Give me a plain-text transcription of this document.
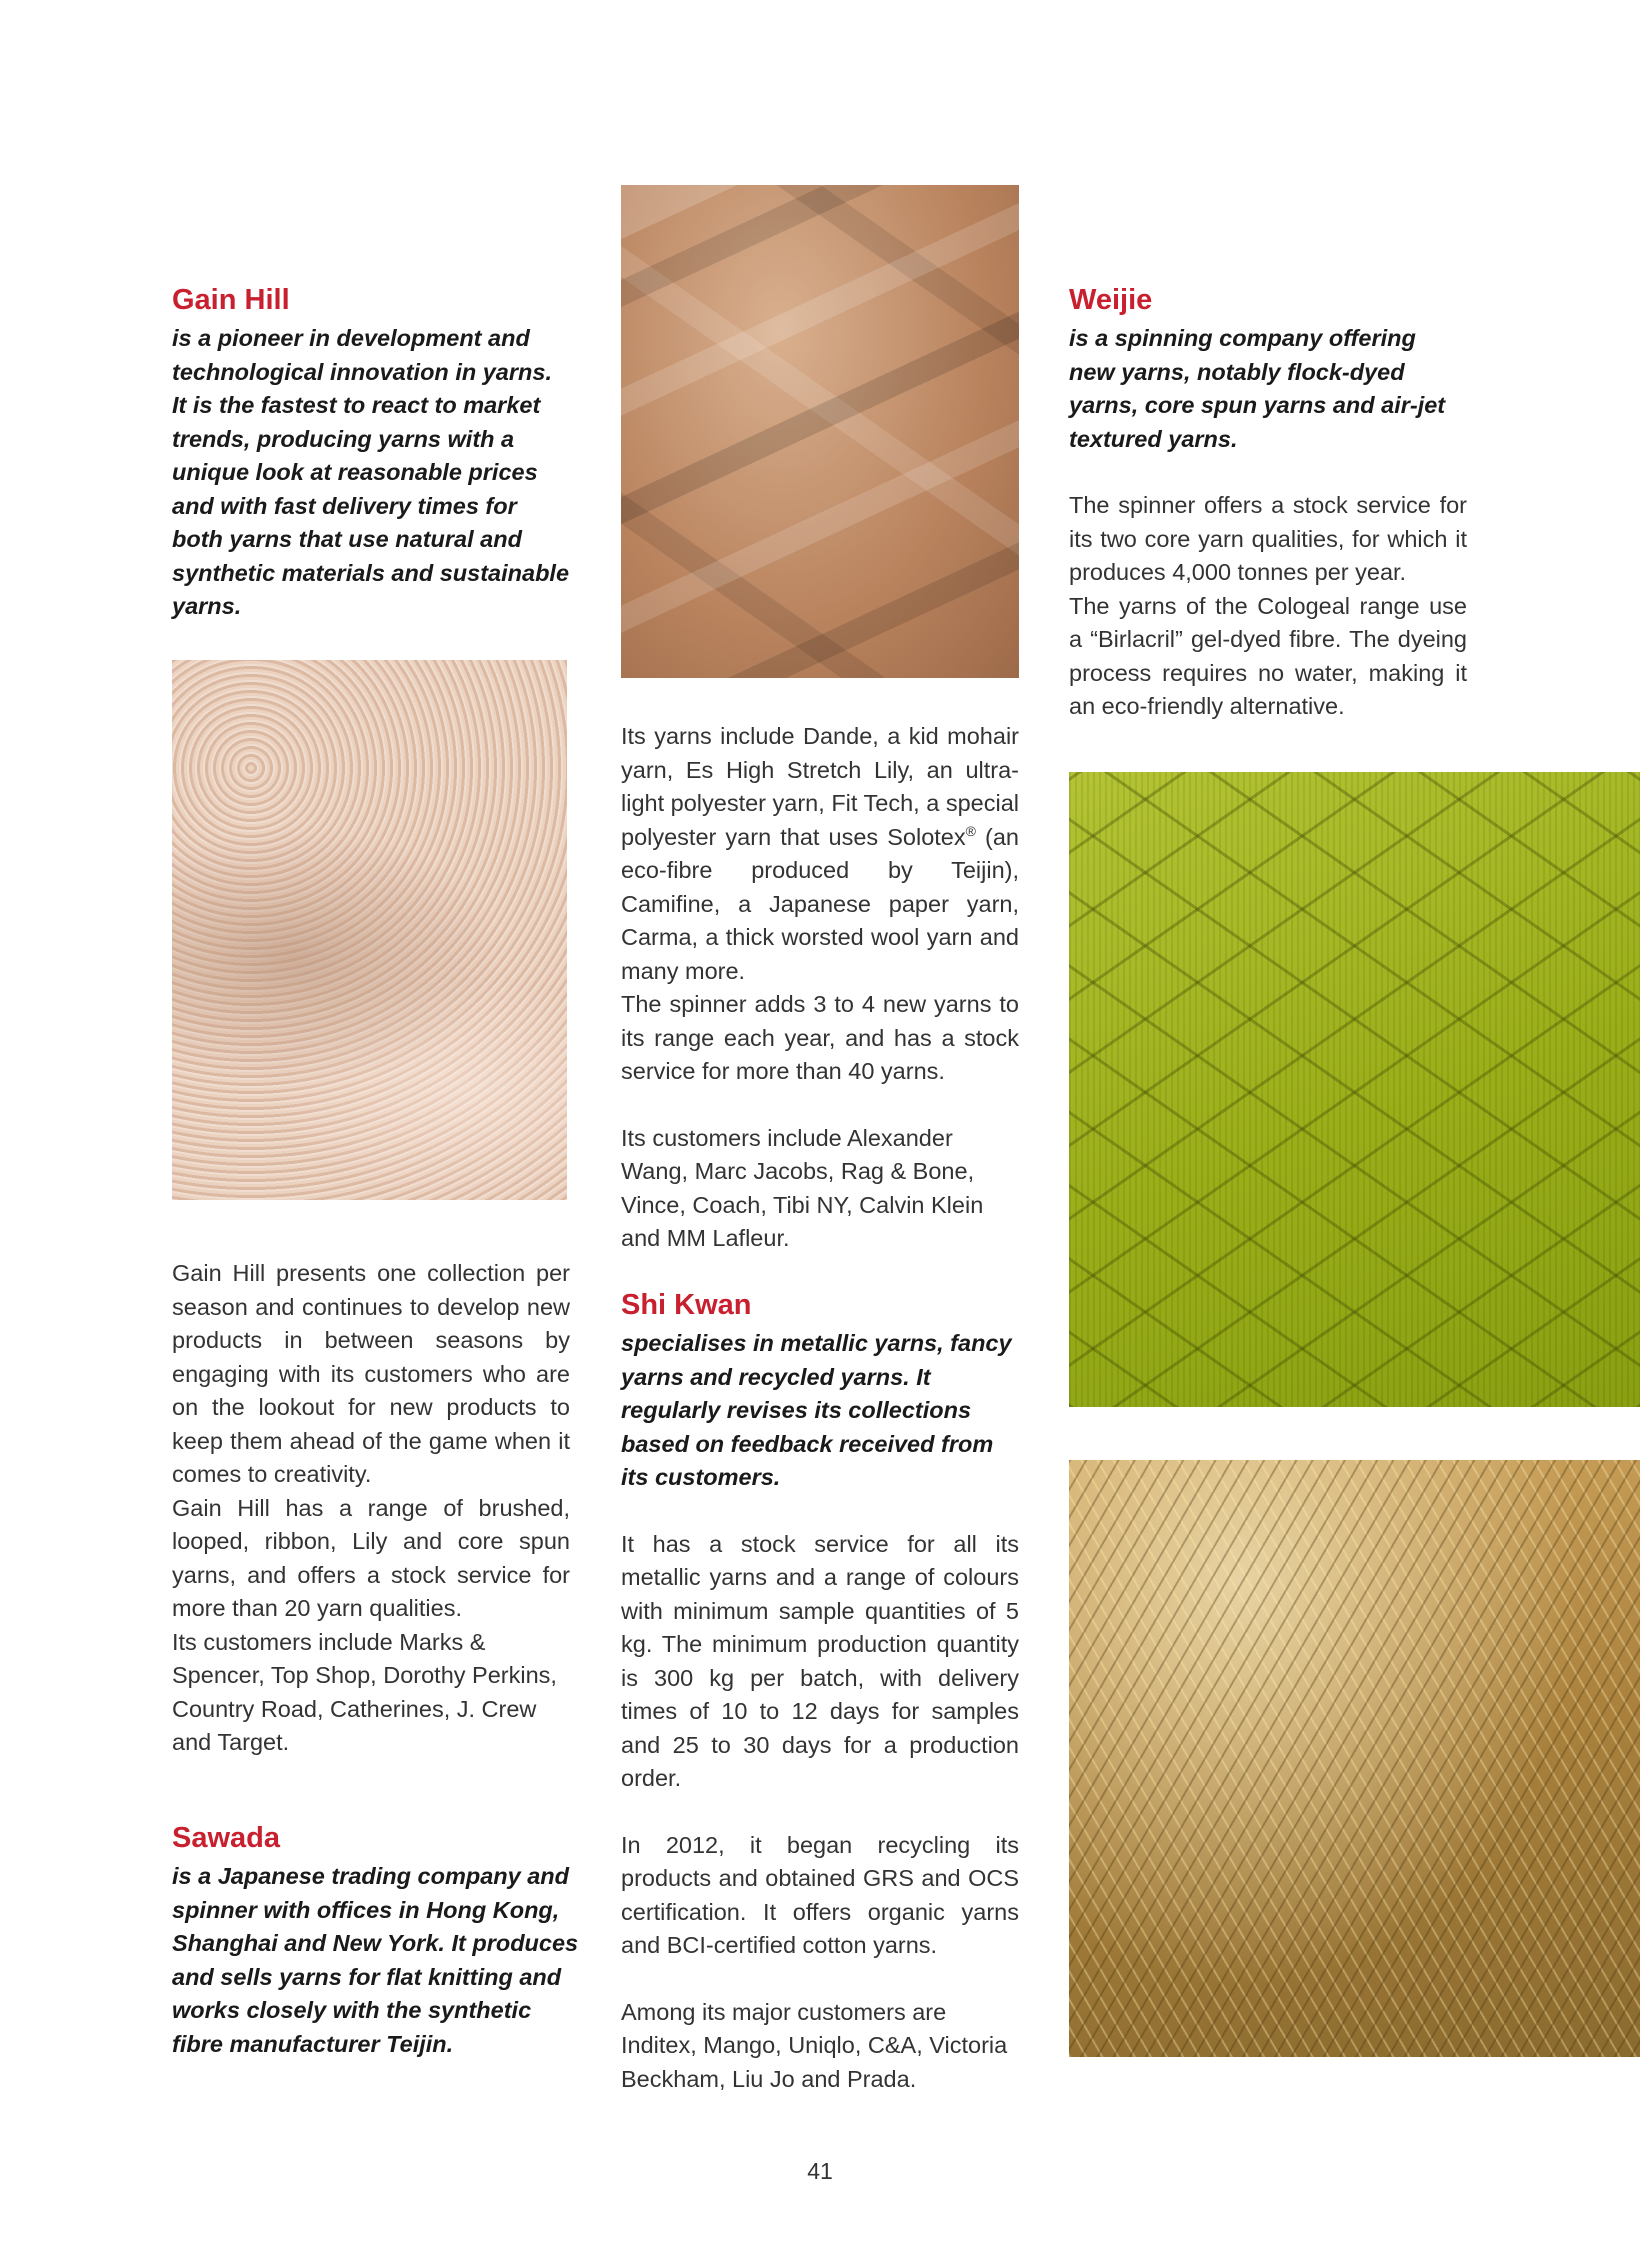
Gain Hill

is a pioneer in development and technological innovation in yarns. It is the fastest to react to market trends, producing yarns with a unique look at reasonable prices and with fast delivery times for both yarns that use natural and synthetic materials and sustainable yarns.

Gain Hill presents one collection per season and continues to develop new products in between seasons by engaging with its customers who are on the lookout for new products to keep them ahead of the game when it comes to creativity.

Gain Hill has a range of brushed, looped, ribbon, Lily and core spun yarns, and offers a stock service for more than 20 yarn qualities.

Its customers include Marks & Spencer, Top Shop, Dorothy Perkins, Country Road, Catherines, J. Crew and Target.

Sawada

is a Japanese trading company and spinner with offices in Hong Kong, Shanghai and New York. It produces and sells yarns for flat knitting and works closely with the synthetic fibre manufacturer Teijin.

Its yarns include Dande, a kid mohair yarn, Es High Stretch Lily, an ultra-light polyester yarn, Fit Tech, a special polyester yarn that uses Solotex® (an eco-fibre produced by Teijin), Camifine, a Japanese paper yarn, Carma, a thick worsted wool yarn and many more.

The spinner adds 3 to 4 new yarns to its range each year, and has a stock service for more than 40 yarns.

Its customers include Alexander Wang, Marc Jacobs, Rag & Bone, Vince, Coach, Tibi NY, Calvin Klein and MM Lafleur.

Shi Kwan

specialises in metallic yarns, fancy yarns and recycled yarns. It regularly revises its collections based on feedback received from its customers.

It has a stock service for all its metallic yarns and a range of colours with minimum sample quantities of 5 kg. The minimum production quantity is 300 kg per batch, with delivery times of 10 to 12 days for samples and 25 to 30 days for a production order.

In 2012, it began recycling its products and obtained GRS and OCS certification. It offers organic yarns and BCI-certified cotton yarns.

Among its major customers are Inditex, Mango, Uniqlo, C&A, Victoria Beckham, Liu Jo and Prada.

Weijie

is a spinning company offering new yarns, notably flock-dyed yarns, core spun yarns and air-jet textured yarns.

The spinner offers a stock service for its two core yarn qualities, for which it produces 4,000 tonnes per year.

The yarns of the Cologeal range use a “Birlacril” gel-dyed fibre. The dyeing process requires no water, making it an eco-friendly alternative.

41
